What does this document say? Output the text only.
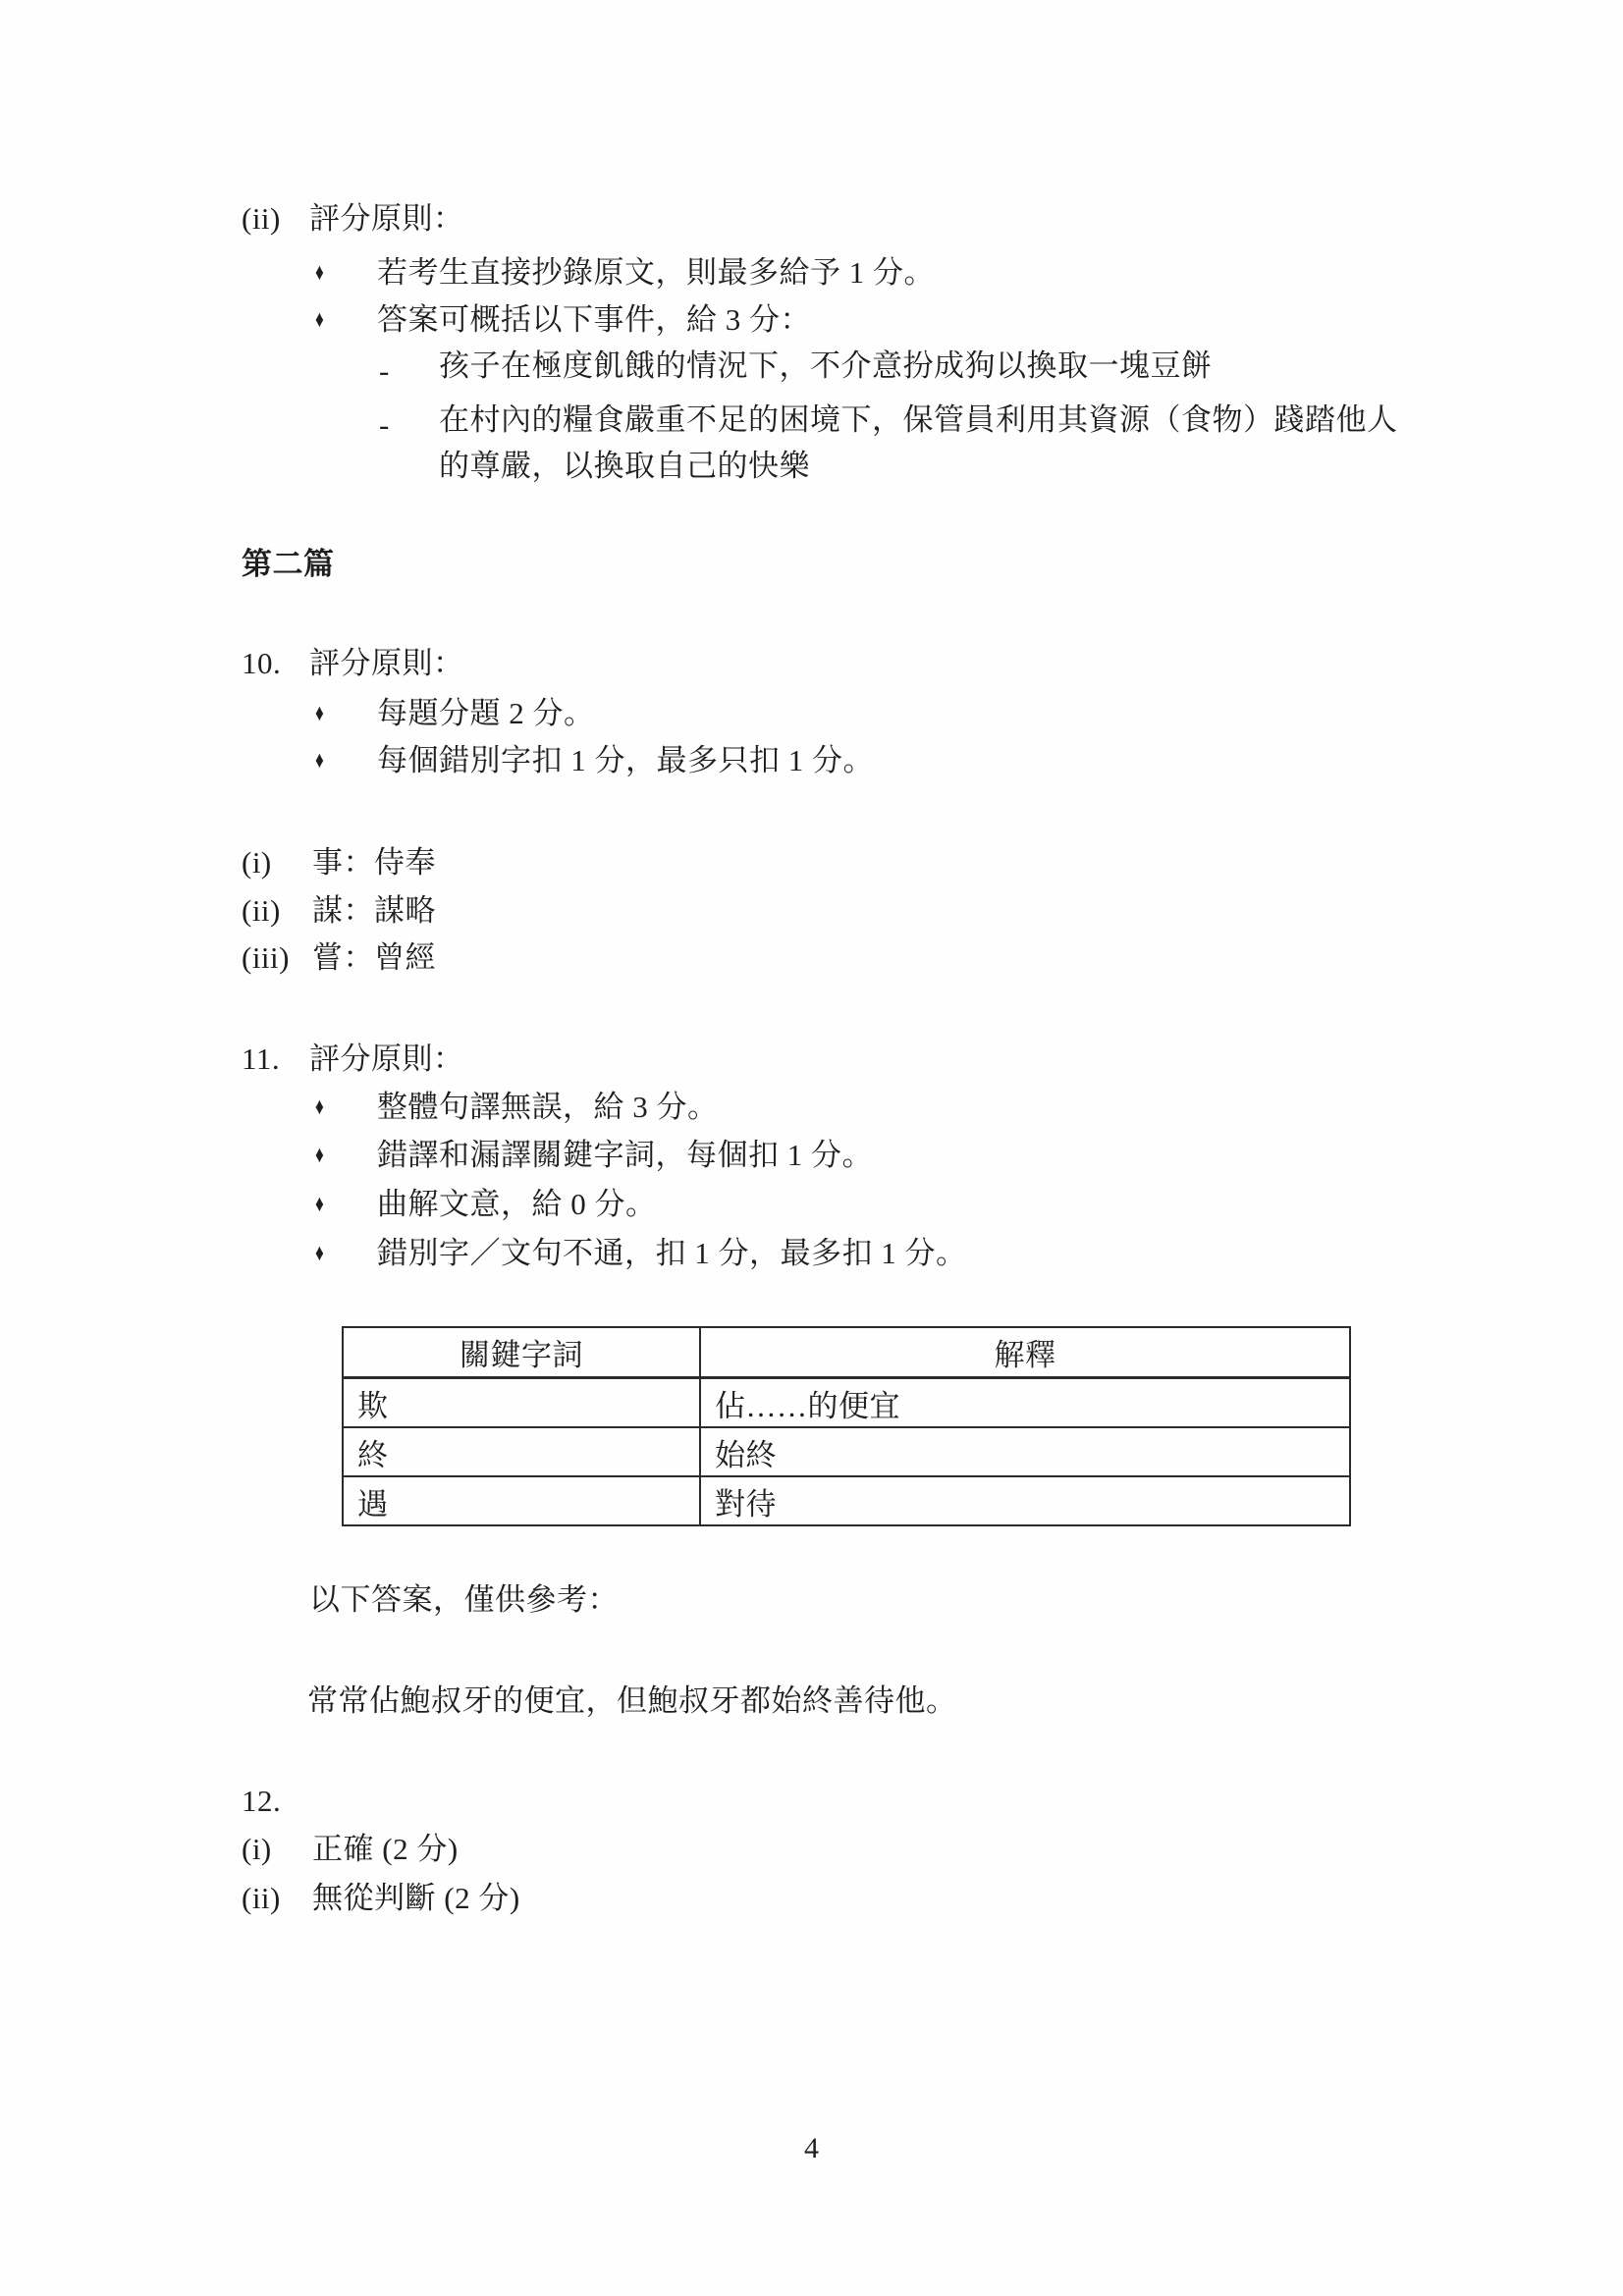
(ii) 評分原則：
♦ 若考生直接抄錄原文，則最多給予 1 分。
♦ 答案可概括以下事件，給 3 分：
- 孩子在極度飢餓的情況下，不介意扮成狗以換取一塊豆餅
- 在村內的糧食嚴重不足的困境下，保管員利用其資源（食物）踐踏他人
的尊嚴，以換取自己的快樂
第二篇
10. 評分原則：
♦ 每題分題 2 分。
♦ 每個錯別字扣 1 分，最多只扣 1 分。
(i) 事：侍奉
(ii) 謀：謀略
(iii) 嘗：曾經
11. 評分原則：
♦ 整體句譯無誤，給 3 分。
♦ 錯譯和漏譯關鍵字詞，每個扣 1 分。
♦ 曲解文意，給 0 分。
♦ 錯別字／文句不通，扣 1 分，最多扣 1 分。
關鍵字詞	解釋
欺	佔……的便宜
終	始終
遇	對待
以下答案，僅供參考：
常常佔鮑叔牙的便宜，但鮑叔牙都始終善待他。
12.
(i) 正確 (2 分)
(ii) 無從判斷 (2 分)
4
